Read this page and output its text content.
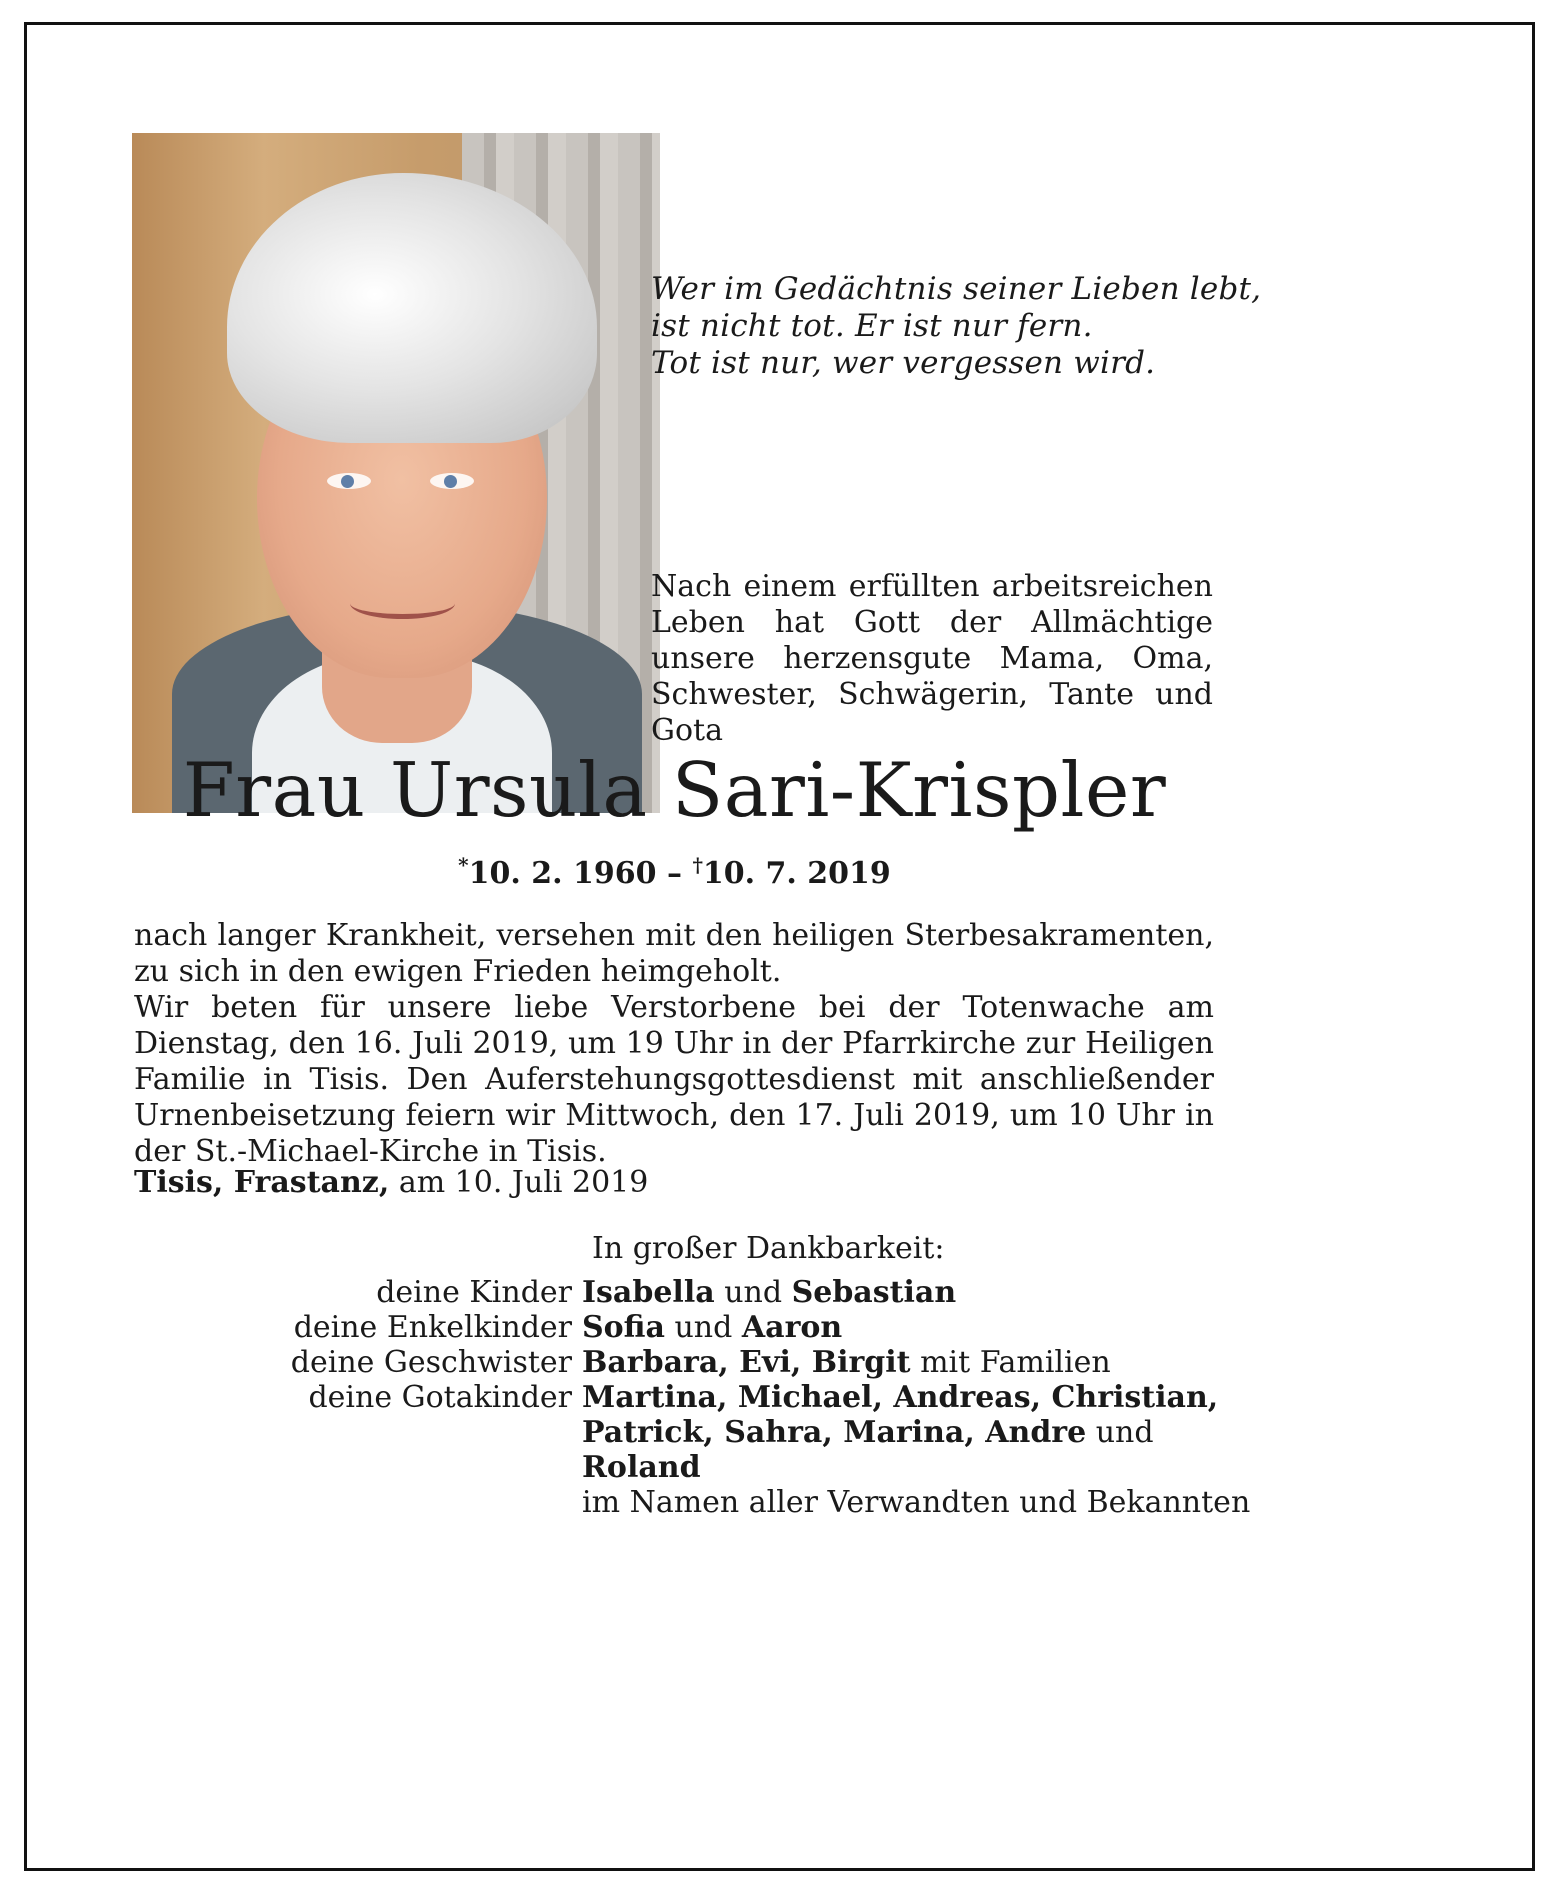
Wer im Gedächtnis seiner Lieben lebt,
ist nicht tot. Er ist nur fern.
Tot ist nur, wer vergessen wird.
Nach einem erfüllten arbeitsreichen Leben hat Gott der Allmächtige unsere herzensgute Mama, Oma, Schwester, Schwägerin, Tante und Gota
Frau Ursula Sari-Krispler
*10. 2. 1960 – †10. 7. 2019

nach langer Krankheit, versehen mit den heiligen Sterbesakramenten, zu sich in den ewigen Frieden heimgeholt.

Wir beten für unsere liebe Verstorbene bei der Totenwache am Dienstag, den 16. Juli 2019, um 19 Uhr in der Pfarrkirche zur Heiligen Familie in Tisis. Den Auferstehungsgottesdienst mit anschließender Urnenbeisetzung feiern wir Mittwoch, den 17. Juli 2019, um 10 Uhr in der St.-Michael-Kirche in Tisis.

Tisis, Frastanz, am 10. Juli 2019
In großer Dankbarkeit:
deine Kinder Isabella und Sebastian
deine Enkelkinder Sofia und Aaron
deine Geschwister Barbara, Evi, Birgit mit Familien
deine Gotakinder Martina, Michael, Andreas, Christian,
Patrick, Sahra, Marina, Andre und
Roland
im Namen aller Verwandten und Bekannten
